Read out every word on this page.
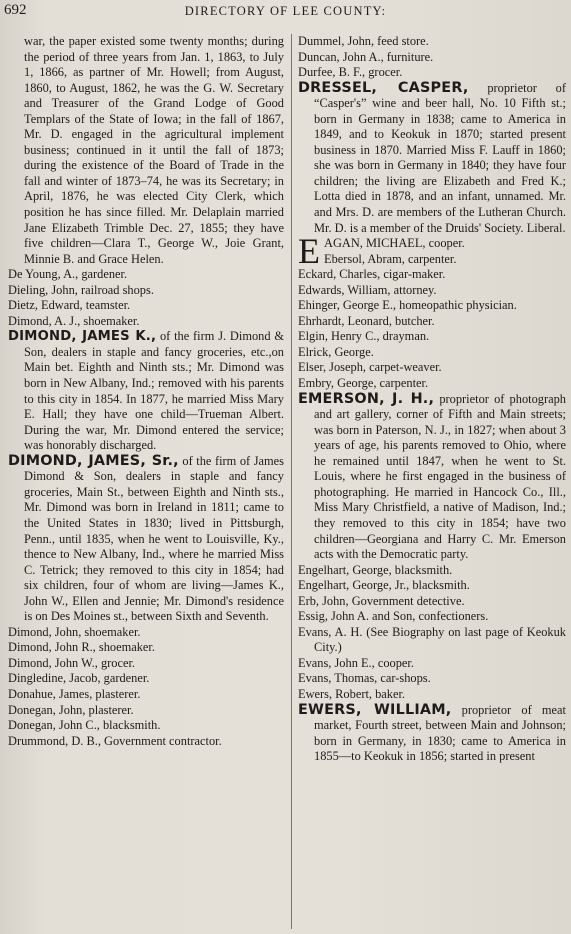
692	DIRECTORY OF LEE COUNTY:

war, the paper existed some twenty months; during the period of three years from Jan. 1, 1863, to July 1, 1866, as partner of Mr. Howell; from August, 1860, to August, 1862, he was the G. W. Secretary and Treasurer of the Grand Lodge of Good Templars of the State of Iowa; in the fall of 1867, Mr. D. engaged in the agricultural implement business; continued in it until the fall of 1873; during the existence of the Board of Trade in the fall and winter of 1873–74, he was its Secretary; in April, 1876, he was elected City Clerk, which position he has since filled. Mr. Delaplain married Jane Elizabeth Trimble Dec. 27, 1855; they have five children—Clara T., George W., Joie Grant, Minnie B. and Grace Helen.

De Young, A., gardener.

Dieling, John, railroad shops.

Dietz, Edward, teamster.

Dimond, A. J., shoemaker.

DIMOND, JAMES K., of the firm J. Dimond & Son, dealers in staple and fancy groceries, etc.,on Main bet. Eighth and Ninth sts.; Mr. Dimond was born in New Albany, Ind.; removed with his parents to this city in 1854. In 1877, he married Miss Mary E. Hall; they have one child—Trueman Albert. During the war, Mr. Dimond entered the service; was honorably discharged.

DIMOND, JAMES, Sr., of the firm of James Dimond & Son, dealers in staple and fancy groceries, Main St., between Eighth and Ninth sts., Mr. Dimond was born in Ireland in 1811; came to the United States in 1830; lived in Pittsburgh, Penn., until 1835, when he went to Louisville, Ky., thence to New Albany, Ind., where he married Miss C. Tetrick; they removed to this city in 1854; had six children, four of whom are living—James K., John W., Ellen and Jennie; Mr. Dimond's residence is on Des Moines st., between Sixth and Seventh.

Dimond, John, shoemaker.

Dimond, John R., shoemaker.

Dimond, John W., grocer.

Dingledine, Jacob, gardener.

Donahue, James, plasterer.

Donegan, John, plasterer.

Donegan, John C., blacksmith.

Drummond, D. B., Government contractor.

Dummel, John, feed store.

Duncan, John A., furniture.

Durfee, B. F., grocer.

DRESSEL, CASPER, proprietor of “Casper's” wine and beer hall, No. 10 Fifth st.; born in Germany in 1838; came to America in 1849, and to Keokuk in 1870; started present business in 1870. Married Miss F. Lauff in 1860; she was born in Germany in 1840; they have four children; the living are Elizabeth and Fred K.; Lotta died in 1878, and an infant, unnamed. Mr. and Mrs. D. are members of the Lutheran Church. Mr. D. is a member of the Druids' Society. Liberal.

E AGAN, MICHAEL, cooper.

Ebersol, Abram, carpenter.

Eckard, Charles, cigar-maker.

Edwards, William, attorney.

Ehinger, George E., homeopathic physician.

Ehrhardt, Leonard, butcher.

Elgin, Henry C., drayman.

Elrick, George.

Elser, Joseph, carpet-weaver.

Embry, George, carpenter.

EMERSON, J. H., proprietor of photograph and art gallery, corner of Fifth and Main streets; was born in Paterson, N. J., in 1827; when about 3 years of age, his parents removed to Ohio, where he remained until 1847, when he went to St. Louis, where he first engaged in the business of photographing. He married in Hancock Co., Ill., Miss Mary Christfield, a native of Madison, Ind.; they removed to this city in 1854; have two children—Georgiana and Harry C. Mr. Emerson acts with the Democratic party.

Engelhart, George, blacksmith.

Engelhart, George, Jr., blacksmith.

Erb, John, Government detective.

Essig, John A. and Son, confectioners.

Evans, A. H. (See Biography on last page of Keokuk City.)

Evans, John E., cooper.

Evans, Thomas, car-shops.

Ewers, Robert, baker.

EWERS, WILLIAM, proprietor of meat market, Fourth street, between Main and Johnson; born in Germany, in 1830; came to America in 1855—to Keokuk in 1856; started in present
